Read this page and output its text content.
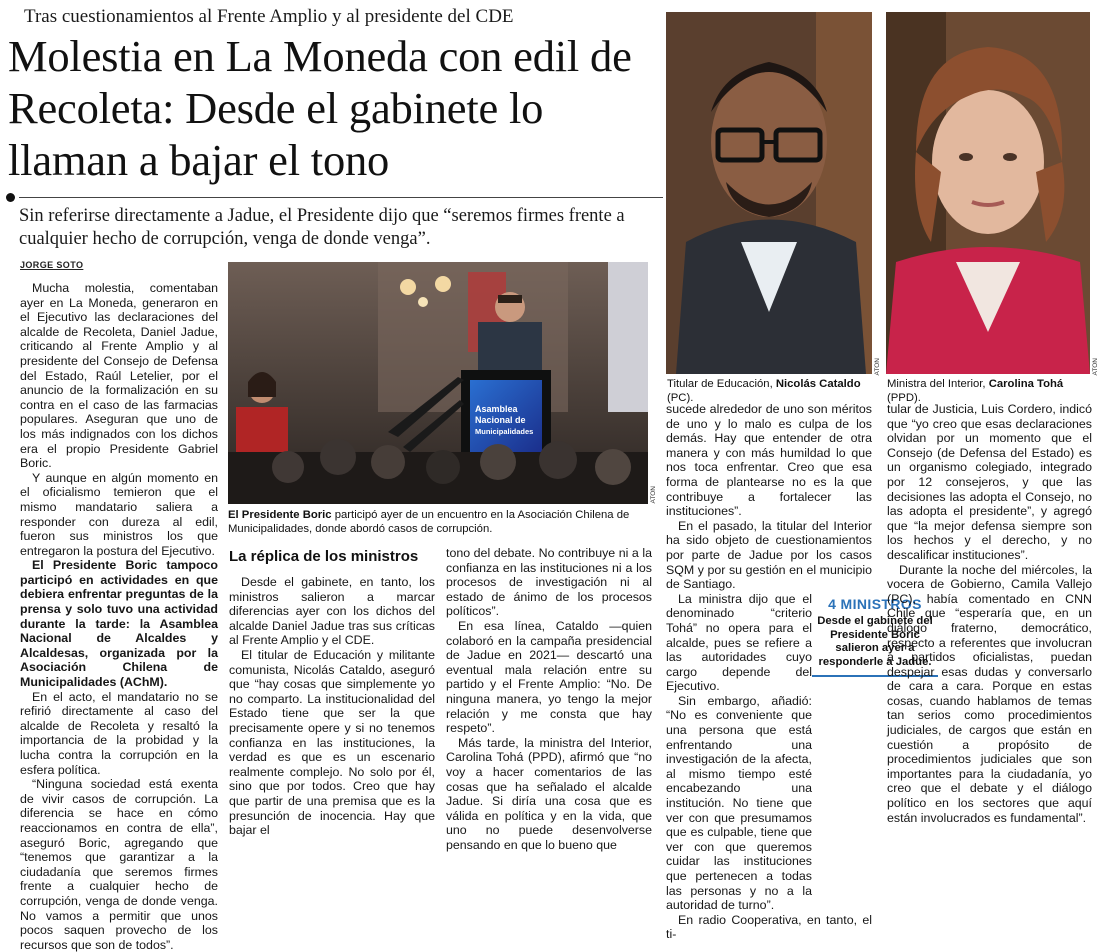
Tras cuestionamientos al Frente Amplio y al presidente del CDE
Molestia en La Moneda con edil de Recoleta: Desde el gabinete lo llaman a bajar el tono
Sin referirse directamente a Jadue, el Presidente dijo que “seremos firmes frente a cualquier hecho de corrupción, venga de donde venga”.
JORGE SOTO

Mucha molestia, comentaban ayer en La Moneda, generaron en el Ejecutivo las declaraciones del alcalde de Recoleta, Daniel Jadue, criticando al Frente Amplio y al presidente del Consejo de Defensa del Estado, Raúl Letelier, por el anuncio de la formalización en su contra en el caso de las farmacias populares. Aseguran que uno de los más indignados con los dichos era el propio Presidente Gabriel Boric.

Y aunque en algún momento en el oficialismo temieron que el mismo mandatario saliera a responder con dureza al edil, fueron sus ministros los que entregaron la postura del Ejecutivo.

El Presidente Boric tampoco participó en actividades en que debiera enfrentar preguntas de la prensa y solo tuvo una actividad durante la tarde: la Asamblea Nacional de Alcaldes y Alcaldesas, organizada por la Asociación Chilena de Municipalidades (AChM).

En el acto, el mandatario no se refirió directamente al caso del alcalde de Recoleta y resaltó la importancia de la probidad y la lucha contra la corrupción en la esfera política.

“Ninguna sociedad está exenta de vivir casos de corrupción. La diferencia se hace en cómo reaccionamos en contra de ella”, aseguró Boric, agregando que “tenemos que garantizar a la ciudadanía que seremos firmes frente a cualquier hecho de corrupción, venga de donde venga. No vamos a permitir que unos pocos saquen provecho de los recursos que son de todos”.

Asamblea
Nacional de
Municipalidades
ATON
El Presidente Boric participó ayer de un encuentro en la Asociación Chilena de Municipalidades, donde abordó casos de corrupción.
La réplica de los ministros

Desde el gabinete, en tanto, los ministros salieron a marcar diferencias ayer con los dichos del alcalde Daniel Jadue tras sus críticas al Frente Amplio y el CDE.

El titular de Educación y militante comunista, Nicolás Cataldo, aseguró que “hay cosas que simplemente yo no comparto. La institucionalidad del Estado tiene que ser la que precisamente opere y si no tenemos confianza en las instituciones, la verdad es que es un escenario realmente complejo. No solo por él, sino que por todos. Creo que hay que partir de una premisa que es la presunción de inocencia. Hay que bajar el

tono del debate. No contribuye ni a la confianza en las instituciones ni a los procesos de investigación ni al estado de ánimo de los procesos políticos”.

En esa línea, Cataldo —quien colaboró en la campaña presidencial de Jadue en 2021— descartó una eventual mala relación entre su partido y el Frente Amplio: “No. De ninguna manera, yo tengo la mejor relación y me consta que hay respeto”.

Más tarde, la ministra del Interior, Carolina Tohá (PPD), afirmó que “no voy a hacer comentarios de las cosas que ha señalado el alcalde Jadue. Si diría una cosa que es válida en política y en la vida, que uno no puede desenvolverse pensando en que lo bueno que

ATON
Titular de Educación, Nicolás Cataldo (PC).
ATON
Ministra del Interior, Carolina Tohá (PPD).

sucede alrededor de uno son méritos de uno y lo malo es culpa de los demás. Hay que entender de otra manera y con más humildad lo que nos toca enfrentar. Creo que esa forma de plantearse no es la que contribuye a fortalecer las instituciones”.

En el pasado, la titular del Interior ha sido objeto de cuestionamientos por parte de Jadue por los casos SQM y por su gestión en el municipio de Santiago.

La ministra dijo que el denominado “criterio Tohá” no opera para el alcalde, pues se refiere a las autoridades cuyo cargo depende del Ejecutivo.

Sin embargo, añadió: “No es conveniente que una persona que está enfrentando una investigación de la afecta, al mismo tiempo esté encabezando una institución. No tiene que ver con que presumamos que es culpable, tiene que ver con que queremos cuidar las instituciones que pertenecen a todas las personas y no a la autoridad de turno”.

En radio Cooperativa, en tanto, el ti-

4 MINISTROS
Desde el gabinete del Presidente Boric salieron ayer a responderle a Jadue.

tular de Justicia, Luis Cordero, indicó que “yo creo que esas declaraciones olvidan por un momento que el Consejo (de Defensa del Estado) es un organismo colegiado, integrado por 12 consejeros, y que las decisiones las adopta el Consejo, no las adopta el presidente”, y agregó que “la mejor defensa siempre son los hechos y el derecho, y no descalificar instituciones”.

Durante la noche del miércoles, la vocera de Gobierno, Camila Vallejo (PC), había comentado en CNN Chile que “esperaría que, en un diálogo fraterno, democrático, respecto a referentes que involucran a partidos oficialistas, puedan despejar esas dudas y conversarlo de cara a cara. Porque en estas cosas, cuando hablamos de temas tan serios como procedimientos judiciales, de cargos que están en cuestión a propósito de procedimientos judiciales que son importantes para la ciudadanía, yo creo que el debate y el diálogo político en los sectores que aquí están involucrados es fundamental”.
